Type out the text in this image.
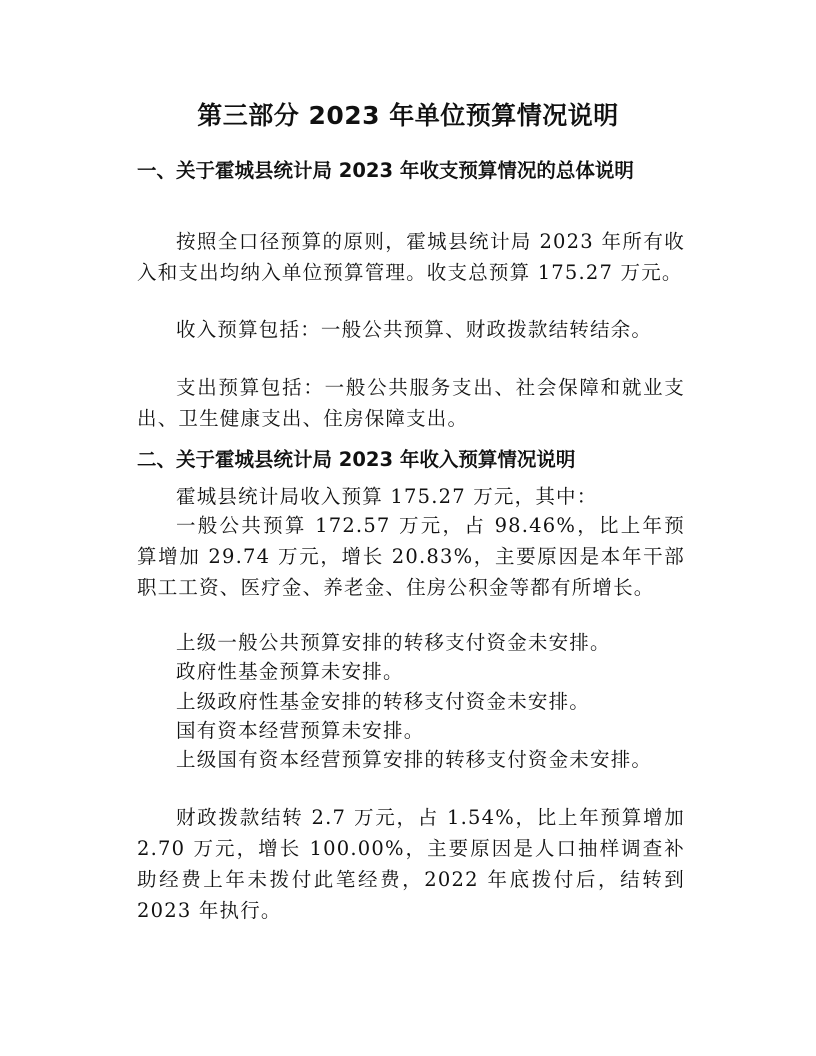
第三部分 2023 年单位预算情况说明
一、关于霍城县统计局 2023 年收支预算情况的总体说明
按照全口径预算的原则，霍城县统计局 2023 年所有收入和支出均纳入单位预算管理。收支总预算 175.27 万元。
收入预算包括：一般公共预算、财政拨款结转结余。
支出预算包括：一般公共服务支出、社会保障和就业支出、卫生健康支出、住房保障支出。
二、关于霍城县统计局 2023 年收入预算情况说明
霍城县统计局收入预算 175.27 万元，其中：
一般公共预算 172.57 万元，占 98.46%，比上年预算增加 29.74 万元，增长 20.83%，主要原因是本年干部职工工资、医疗金、养老金、住房公积金等都有所增长。
上级一般公共预算安排的转移支付资金未安排。
政府性基金预算未安排。
上级政府性基金安排的转移支付资金未安排。
国有资本经营预算未安排。
上级国有资本经营预算安排的转移支付资金未安排。
财政拨款结转 2.7 万元，占 1.54%，比上年预算增加 2.70 万元，增长 100.00%，主要原因是人口抽样调查补助经费上年未拨付此笔经费，2022 年底拨付后，结转到 2023 年执行。
